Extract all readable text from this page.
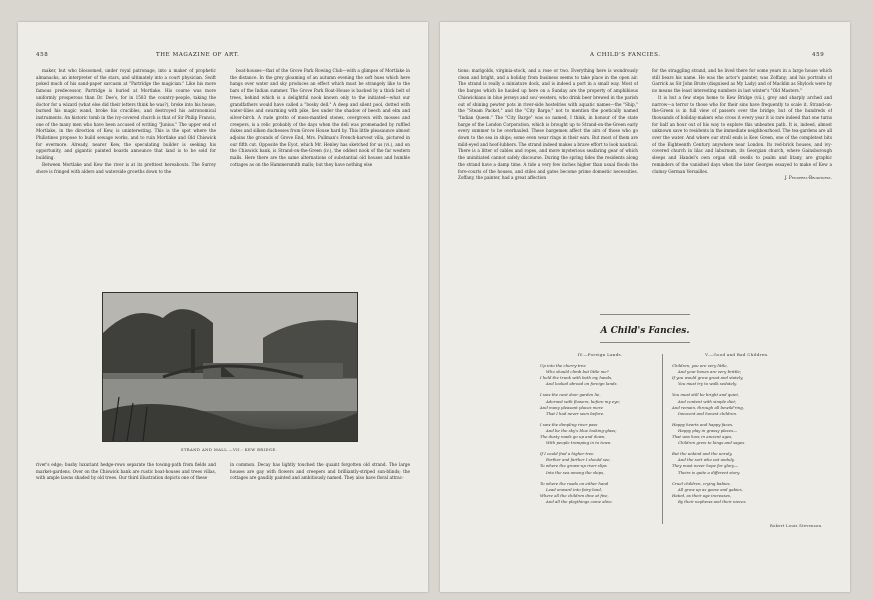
458	THE MAGAZINE OF ART.

maker, but who blossomed, under royal patronage, into a maker of prophetic almanacks, an interpreter of the stars, and ultimately into a court physician. Swift poked much of his sand-paper sarcasm at "Partridge the magician." Like his more famous predecessor, Partridge is buried at Mortlake. His course was more uniformly prosperous than Dr. Dee's, for in 1583 the country-people, taking the doctor for a wizard (what else did their letters think he was?), broke into his house, burned his magic wand, broke his crucibles, and destroyed his astronomical instruments. An historic tomb in the ivy-covered church is that of Sir Philip Francis, one of the many men who have been accused of writing "Junius." The upper end of Mortlake, in the direction of Kew, is uninteresting. This is the spot where the Philistines propose to build sewage works, and to ruin Mortlake and Old Chiswick for evermore. Already, nearer Kew, the speculating builder is seeking his opportunity, and gigantic painted boards announce that land is to be sold for building.

Between Mortlake and Kew the river is at its prettiest hereabouts. The Surrey shore is fringed with alders and waterside growths down to the

boat-houses—that of the Grove Park Rowing Club—with a glimpse of Mortlake in the distance. In the grey gloaming of an autumn evening the soft hues which here hangs over water and sky produces an effect which must be strangely like to the bars of the Indian summer. The Grove Park Boat-House is backed by a thick belt of trees, behind which is a delightful nook known only to the initiated—what our grandfathers would have called a "bosky dell." A deep and silent pool, dotted with water-lilies and swarming with pike, lies under the shadow of beech and elm and silver-birch. A rude grotto of moss-mantled stones, overgrown with mosses and creepers, is a relic probably of the days when the dell was promenaded by ruffled dukes and silken duchesses from Grove House hard by. This little pleasaunce almost adjoins the grounds of Grove End, Mrs. Pullman's French-harvest villa, pictured in our fifth cut. Opposite the Eyot, which Mr. Henley has sketched for us (vi.), and on the Chiswick bank, is Strand-on-the-Green (iv.), the oddest nook of the far western malls. Here there are the same alternations of substantial old houses and humble cottages as on the Hammersmith malls; but they have nothing else

STRAND AND MALL.—VII.: KEW BRIDGE.

river's edge; bushy luxuriant hedge-rows separate the towing-path from fields and market-gardens. Over on the Chiswick bank are rustic boat-houses and trees villas, with ample lawns shaded by old trees. Our third illustration depicts one of these

in common. Decay has lightly touched the quaint forgotten old strand. The large houses are gay with flowers and creepers and brilliantly-striped sun-blinds; the cottages are gaudily painted and ambitiously named. They also have floral attrac-

A CHILD'S FANCIES.	459

tions: marigolds, virginia-stock, and a rose or two. Everything here is wondrously clean and bright, and a holiday from business seems to take place in the open air. The strand is really a miniature dock, and is indeed a port in a small way. Most of the barges which lie hauled up here on a Sunday are the property of amphibious Chiswickians in blue jerseys and sou'-westers, who drink beer brewed in the parish out of shining pewter pots in river-side hostelries with aquatic names—the "Ship," the "Steam Packet," and the "City Barge," not to mention the poetically named "Indian Queen." The "City Barge" was so named, I think, in honour of the state barge of the London Corporation, which is brought up to Strand-on-the-Green early every summer to be overhauled. These bargemen affect the airs of those who go down to the sea in ships; some even wear rings in their ears. But most of them are mild-eyed and hoof-lubbers. The strand indeed makes a brave effort to look nautical. There is a litter of cables and ropes, and more mysterious seafaring gear of which the uninitiated cannot safely discourse. During the spring tides the residents along the strand have a damp time. A tide a very few inches higher than usual floods the fore-courts of the houses, and stiles and gates become prime domestic necessities. Zoffany, the painter, had a great affection

for the straggling strand, and he lived there for some years in a large house which still bears his name. He was the actor's painter, was Zoffany; and his portraits of Garrick as Sir John Brute (disguised as My Lady) and of Macklin as Shylock were by no means the least interesting numbers in last winter's "Old Masters."

It is but a few steps home to Kew Bridge (vii.), grey and sharply arched and narrow—a terror to those who for their sins have frequently to scale it. Strand-on-the-Green is in full view of passers over the bridge; but of the hundreds of thousands of holiday-makers who cross it every year it is rare indeed that one turns for half an hour out of his way to explore this unbeaten path. It is, indeed, almost unknown save to residents in the immediate neighbourhood. The tea-gardens are all over the water. And where our stroll ends is Kew Green, one of the completest bits of the Eighteenth Century anywhere near London. Its red-brick houses, and ivy-covered church in lilac and laburnum, its Georgian church, where Gainsborough sleeps and Handel's own organ still swells to psalm and litany, are graphic reminders of the vanished days when the later Georges essayed to make of Kew a clumsy German Versailles.

J. Penderel-Brodhurst.

A Child's Fancies.
IV.—Foreign Lands.
Up into the cherry-tree
Who should climb but little me?
I held the trunk with both my hands,
And looked abroad on foreign lands.
I saw the next door garden lie,
Adorned with flowers, before my eye;
And many pleasant places more
That I had never seen before.
I saw the dimpling river pass
And be the sky's blue looking-glass;
The dusty roads go up and down,
With people tramping in to town.
If I could find a higher tree
Farther and farther I should see,
To where the grown-up river slips
Into the sea among the ships,
To where the roads on either hand
Lead onward into fairy-land,
Where all the children dine at five,
And all the playthings come alive.
V.—Good and Bad Children.
Children, you are very little,
And your bones are very brittle;
If you would grow great and stately,
You must try to walk sedately.
You must still be bright and quiet,
And content with simple diet;
And remain, through all bewild'ring,
Innocent and honest children.
Happy hearts and happy faces,
Happy play in grassy places—
That was how, in ancient ages,
Children grew to kings and sages.
But the unkind and the unruly,
And the sort who eat unduly,
They must never hope for glory—
Theirs is quite a different story.
Cruel children, crying babies,
All grow up as geese and gabies,
Hated, as their age increases,
By their nephews and their nieces.
Robert Louis Stevenson.
